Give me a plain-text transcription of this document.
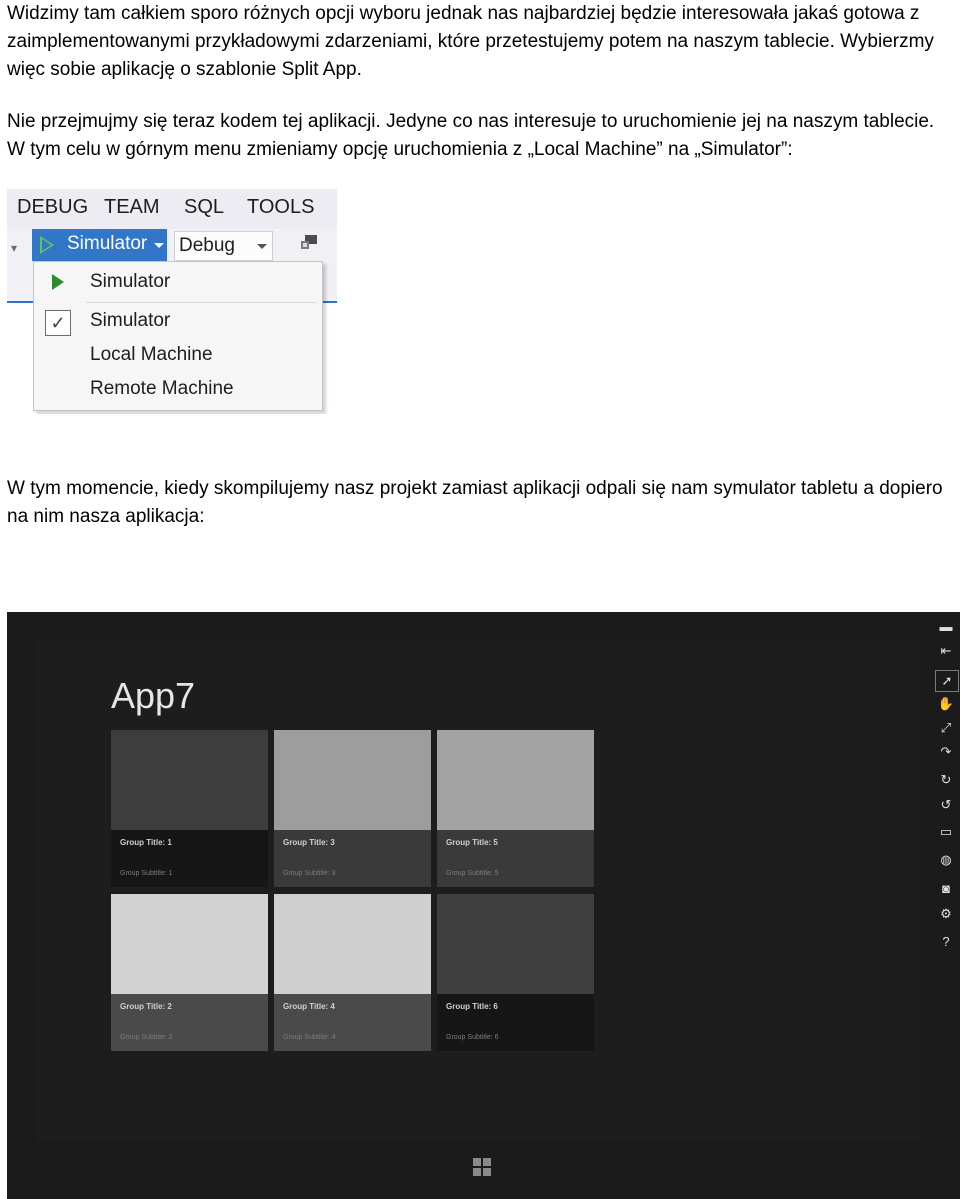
Widzimy tam całkiem sporo różnych opcji wyboru jednak nas najbardziej będzie interesowała jakaś gotowa z zaimplementowanymi przykładowymi zdarzeniami, które przetestujemy potem na naszym tablecie. Wybierzmy więc sobie aplikację o szablonie Split App.

Nie przejmujmy się teraz kodem tej aplikacji. Jedyne co nas interesuje to uruchomienie jej na naszym tablecie. W tym celu w górnym menu zmieniamy opcję uruchomienia z „Local Machine” na „Simulator”:

DEBUG TEAM SQL TOOLS
▾	Simulator Debug
Simulator
✓ Simulator
Local Machine
Remote Machine

W tym momencie, kiedy skompilujemy nasz projekt zamiast aplikacji odpali się nam symulator tabletu a dopiero na nim nasza aplikacja:

App7
Group Title: 1
Group Subtitle: 1
Group Title: 3
Group Subtitle: 3
Group Title: 5
Group Subtitle: 5
Group Title: 2
Group Subtitle: 2
Group Title: 4
Group Subtitle: 4
Group Title: 6
Group Subtitle: 6
▬
⇤
➚
✋
⤢
↷
↻
↺
▭
◍
◙
⚙
?
